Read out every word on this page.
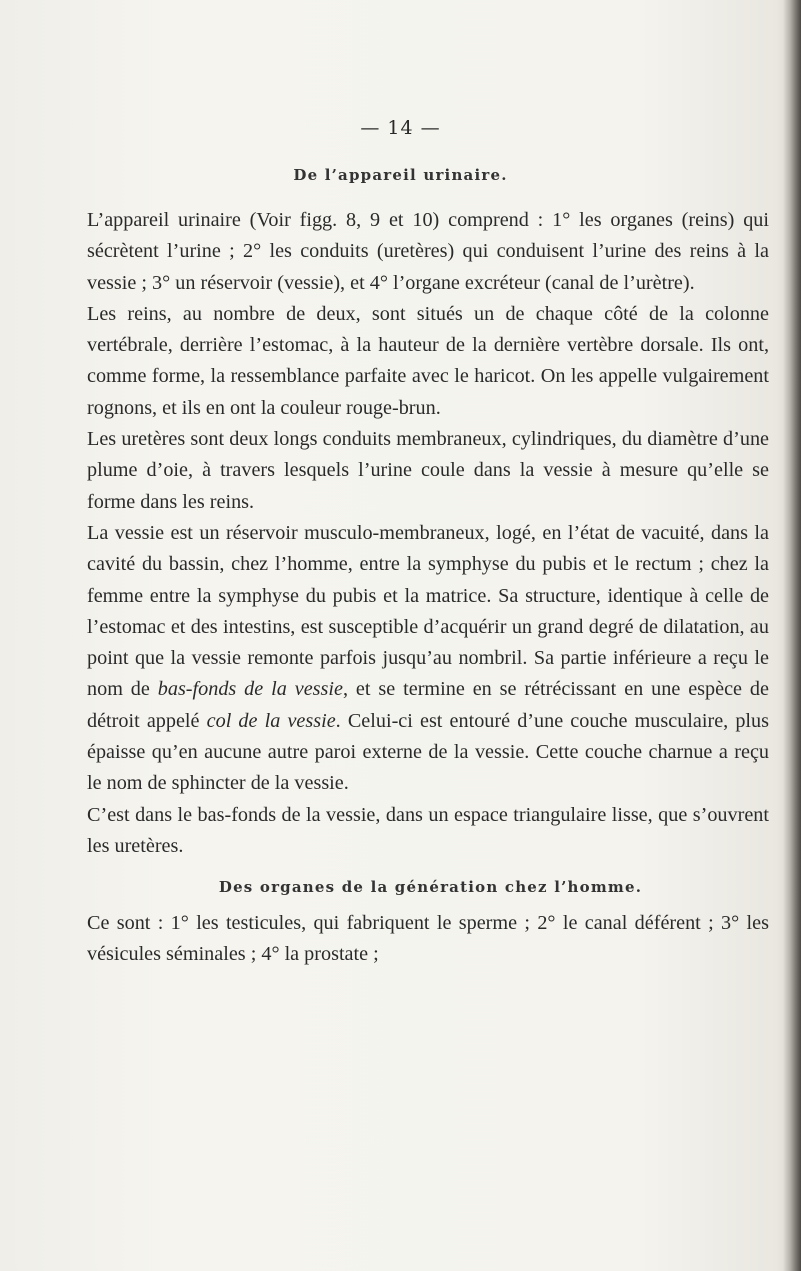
— 14 —
De l’appareil urinaire.

L’appareil urinaire (Voir figg. 8, 9 et 10) comprend : 1° les organes (reins) qui sécrètent l’urine ; 2° les conduits (uretères) qui conduisent l’urine des reins à la vessie ; 3° un réservoir (vessie), et 4° l’organe excréteur (canal de l’urètre).

Les reins, au nombre de deux, sont situés un de chaque côté de la colonne vertébrale, derrière l’estomac, à la hauteur de la dernière vertèbre dorsale. Ils ont, comme forme, la ressemblance parfaite avec le haricot. On les appelle vulgairement rognons, et ils en ont la couleur rouge-brun.

Les uretères sont deux longs conduits membraneux, cylindriques, du diamètre d’une plume d’oie, à travers lesquels l’urine coule dans la vessie à mesure qu’elle se forme dans les reins.

La vessie est un réservoir musculo-membraneux, logé, en l’état de vacuité, dans la cavité du bassin, chez l’homme, entre la symphyse du pubis et le rectum ; chez la femme entre la symphyse du pubis et la matrice. Sa structure, identique à celle de l’estomac et des intestins, est susceptible d’acquérir un grand degré de dilatation, au point que la vessie remonte parfois jusqu’au nombril. Sa partie inférieure a reçu le nom de bas-fonds de la vessie, et se termine en se rétrécissant en une espèce de détroit appelé col de la vessie. Celui-ci est entouré d’une couche musculaire, plus épaisse qu’en aucune autre paroi externe de la vessie. Cette couche charnue a reçu le nom de sphincter de la vessie.

C’est dans le bas-fonds de la vessie, dans un espace triangulaire lisse, que s’ouvrent les uretères.

Des organes de la génération chez l’homme.

Ce sont : 1° les testicules, qui fabriquent le sperme ; 2° le canal déférent ; 3° les vésicules séminales ; 4° la prostate ;
